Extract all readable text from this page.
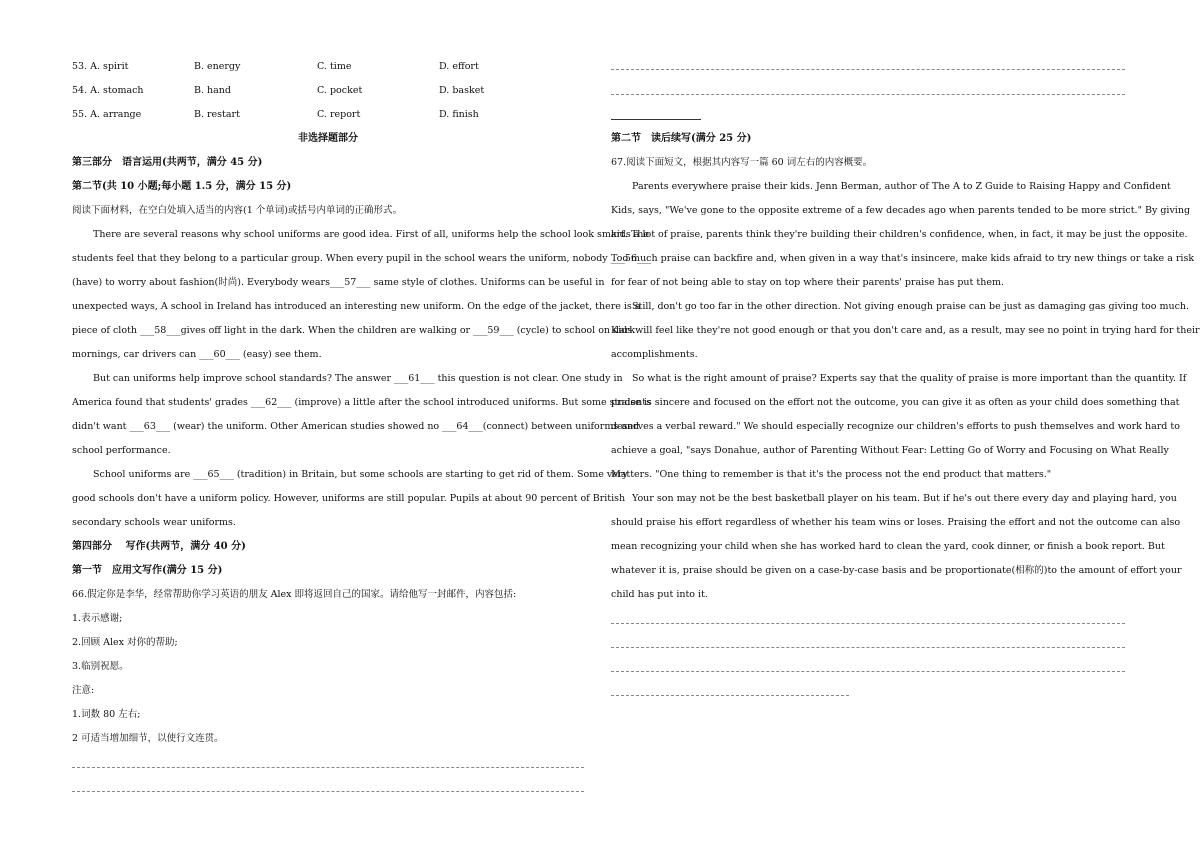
53. A. spirit	B. energy	C. time	D. effort
54. A. stomach	B. hand	C. pocket	D. basket
55. A. arrange	B. restart	C. report	D. finish
非选择题部分
第三部分　语言运用(共两节，满分 45 分)
第二节(共 10 小题;每小题 1.5 分，满分 15 分)
阅读下面材料，在空白处填入适当的内容(1 个单词)或括号内单词的正确形式。
There are several reasons why school uniforms are good idea. First of all, uniforms help the school look smart. The
students feel that they belong to a particular group. When every pupil in the school wears the uniform, nobody ___56___
(have) to worry about fashion(时尚). Everybody wears___57___ same style of clothes. Uniforms can be useful in
unexpected ways, A school in Ireland has introduced an interesting new uniform. On the edge of the jacket, there is a
piece of cloth ___58___gives off light in the dark. When the children are walking or ___59___ (cycle) to school on dark
mornings, car drivers can ___60___ (easy) see them.
But can uniforms help improve school standards? The answer ___61___ this question is not clear. One study in
America found that students' grades ___62___ (improve) a little after the school introduced uniforms. But some students
didn't want ___63___ (wear) the uniform. Other American studies showed no ___64___(connect) between uniforms and
school performance.
School uniforms are ___65___ (tradition) in Britain, but some schools are starting to get rid of them. Some very
good schools don't have a uniform policy. However, uniforms are still popular. Pupils at about 90 percent of British
secondary schools wear uniforms.
第四部分　 写作(共两节，满分 40 分)
第一节　应用文写作(满分 15 分)
66.假定你是李华，经常帮助你学习英语的朋友 Alex 即将返回自己的国家。请给他写一封邮件，内容包括:
1.表示感谢;
2.回顾 Alex 对你的帮助;
3.临别祝愿。
注意:
1.词数 80 左右;
2 可适当增加细节，以使行文连贯。
第二节　读后续写(满分 25 分)
67.阅读下面短文，根据其内容写一篇 60 词左右的内容概要。
Parents everywhere praise their kids. Jenn Berman, author of The A to Z Guide to Raising Happy and Confident
Kids, says, "We've gone to the opposite extreme of a few decades ago when parents tended to be more strict." By giving
kids a lot of praise, parents think they're building their children's confidence, when, in fact, it may be just the opposite.
Too much praise can backfire and, when given in a way that's insincere, make kids afraid to try new things or take a risk
for fear of not being able to stay on top where their parents' praise has put them.
Still, don't go too far in the other direction. Not giving enough praise can be just as damaging gas giving too much.
Kids will feel like they're not good enough or that you don't care and, as a result, may see no point in trying hard for their
accomplishments.
So what is the right amount of praise? Experts say that the quality of praise is more important than the quantity. If
praise is sincere and focused on the effort not the outcome, you can give it as often as your child does something that
deserves a verbal reward." We should especially recognize our children's efforts to push themselves and work hard to
achieve a goal, "says Donahue, author of Parenting Without Fear: Letting Go of Worry and Focusing on What Really
Matters. "One thing to remember is that it's the process not the end product that matters."
Your son may not be the best basketball player on his team. But if he's out there every day and playing hard, you
should praise his effort regardless of whether his team wins or loses. Praising the effort and not the outcome can also
mean recognizing your child when she has worked hard to clean the yard, cook dinner, or finish a book report. But
whatever it is, praise should be given on a case-by-case basis and be proportionate(相称的)to the amount of effort your
child has put into it.
